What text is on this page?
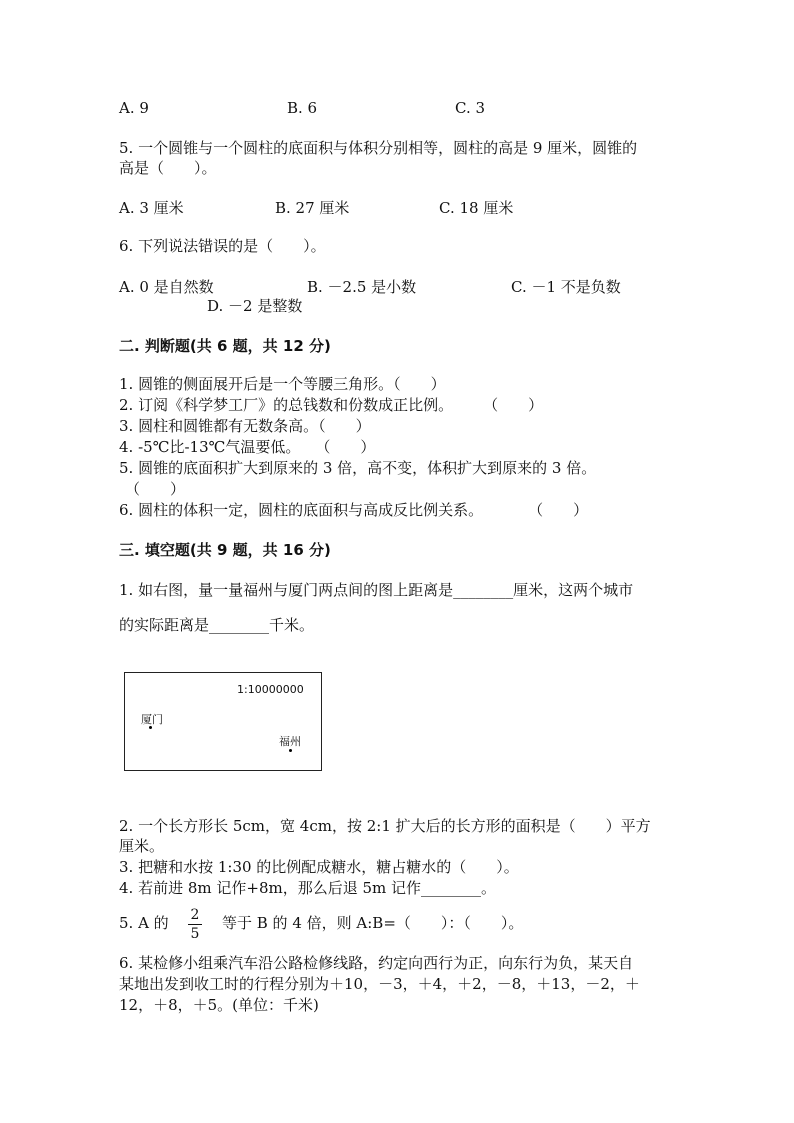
A. 9	B. 6	C. 3
5. 一个圆锥与一个圆柱的底面积与体积分别相等，圆柱的高是 9 厘米，圆锥的
高是（　　）。
A. 3 厘米	B. 27 厘米	C. 18 厘米
6. 下列说法错误的是（　　）。
A. 0 是自然数	B. －2.5 是小数	C. －1 不是负数
D. －2 是整数
二. 判断题(共 6 题，共 12 分)
1. 圆锥的侧面展开后是一个等腰三角形。（　　）
2. 订阅《科学梦工厂》的总钱数和份数成正比例。　　　（　　）
3. 圆柱和圆锥都有无数条高。（　　）
4. -5℃比-13℃气温要低。　　（　　）
5. 圆锥的底面积扩大到原来的 3 倍，高不变，体积扩大到原来的 3 倍。
（　　）
6. 圆柱的体积一定，圆柱的底面积与高成反比例关系。　　　　（　　）
三. 填空题(共 9 题，共 16 分)
1. 如右图，量一量福州与厦门两点间的图上距离是________厘米，这两个城市
的实际距离是________千米。
1:10000000
厦门
福州
2. 一个长方形长 5cm，宽 4cm，按 2:1 扩大后的长方形的面积是（　　）平方
厘米。
3. 把糖和水按 1:30 的比例配成糖水，糖占糖水的（　　）。
4. 若前进 8m 记作+8m，那么后退 5m 记作________。
5. A 的 2
5
等于 B 的 4 倍，则 A:B=（　　）：（　　）。
6. 某检修小组乘汽车沿公路检修线路，约定向西行为正，向东行为负，某天自
某地出发到收工时的行程分别为＋10，－3，＋4，＋2，－8，＋13，－2，＋
12，＋8，＋5。(单位：千米)
